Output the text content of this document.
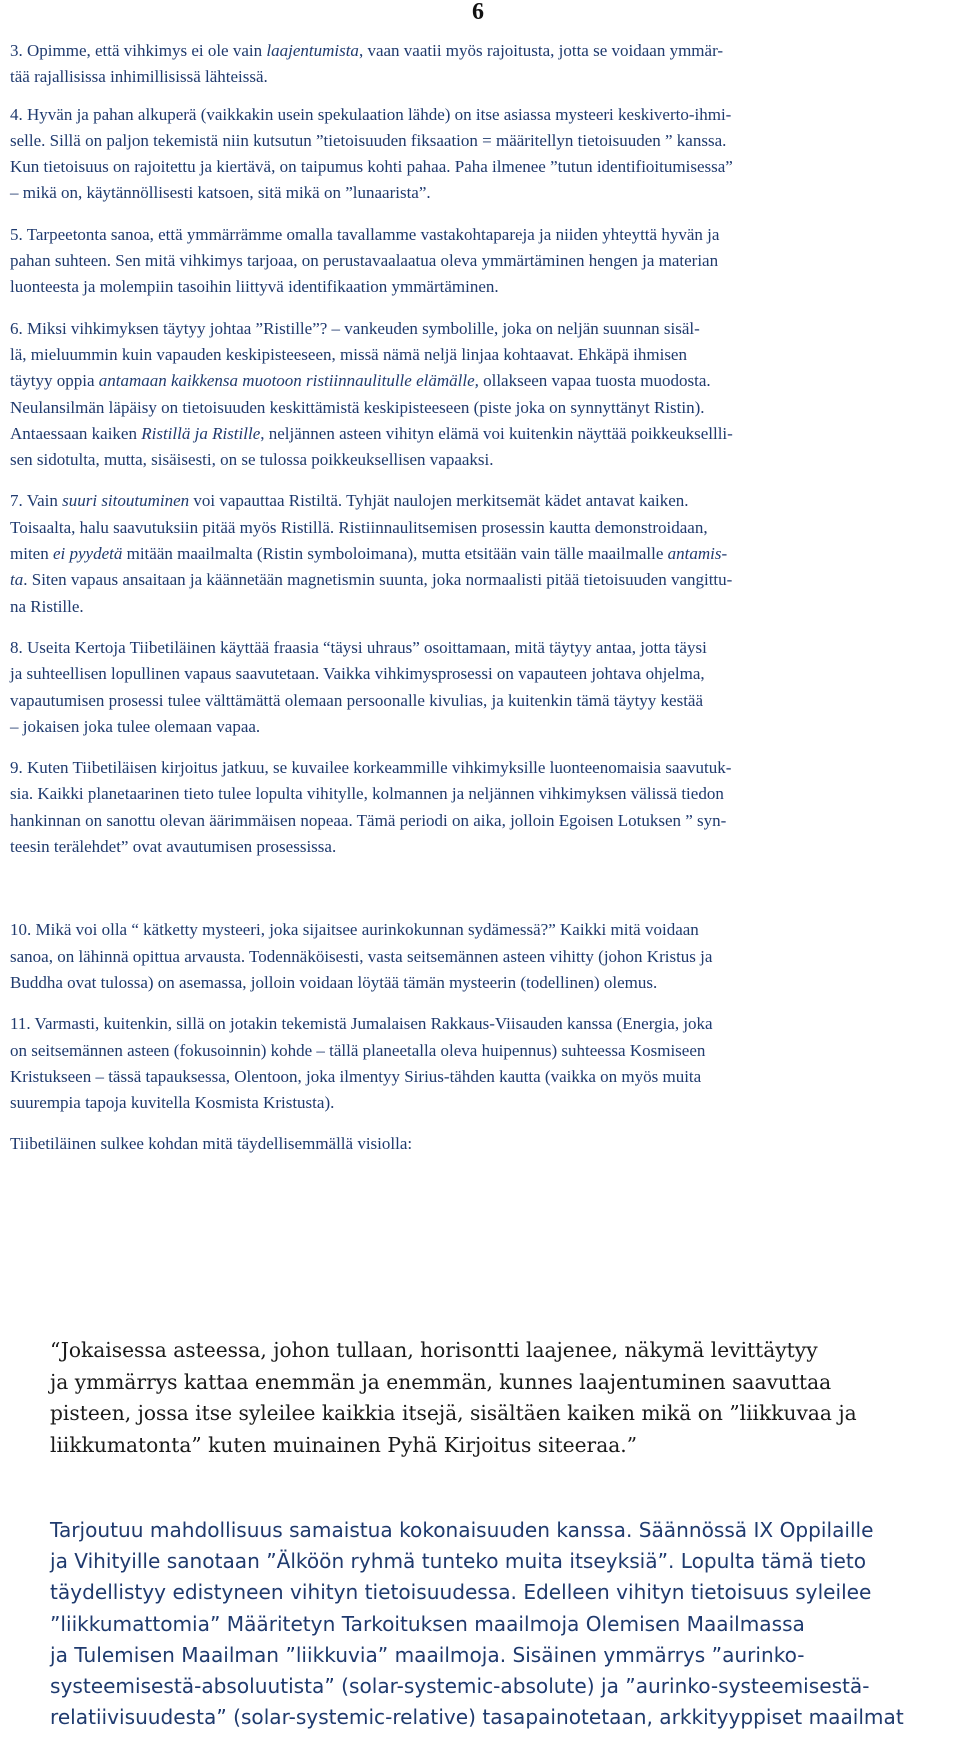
6
3. Opimme, että vihkimys ei ole vain laajentumista, vaan vaatii myös rajoitusta, jotta se voidaan ymmär-
tää rajallisissa inhimillisissä lähteissä.
4. Hyvän ja pahan alkuperä (vaikkakin usein spekulaation lähde) on itse asiassa mysteeri keskiverto-ihmi-
selle. Sillä on paljon tekemistä niin kutsutun ”tietoisuuden fiksaation = määritellyn tietoisuuden ” kanssa.
Kun tietoisuus on rajoitettu ja kiertävä, on taipumus kohti pahaa. Paha ilmenee ”tutun identifioitumisessa”
– mikä on, käytännöllisesti katsoen, sitä mikä on ”lunaarista”.
5. Tarpeetonta sanoa, että ymmärrämme omalla tavallamme vastakohtapareja ja niiden yhteyttä hyvän ja
pahan suhteen. Sen mitä vihkimys tarjoaa, on perustavaalaatua oleva ymmärtäminen hengen ja materian
luonteesta ja molempiin tasoihin liittyvä identifikaation ymmärtäminen.
6. Miksi vihkimyksen täytyy johtaa ”Ristille”? – vankeuden symbolille, joka on neljän suunnan sisäl-
lä, mieluummin kuin vapauden keskipisteeseen, missä nämä neljä linjaa kohtaavat. Ehkäpä ihmisen
täytyy oppia antamaan kaikkensa muotoon ristiinnaulitulle elämälle, ollakseen vapaa tuosta muodosta.
Neulansilmän läpäisy on tietoisuuden keskittämistä keskipisteeseen (piste joka on synnyttänyt Ristin).
Antaessaan kaiken Ristillä ja Ristille, neljännen asteen vihityn elämä voi kuitenkin näyttää poikkeuksellli-
sen sidotulta, mutta, sisäisesti, on se tulossa poikkeuksellisen vapaaksi.
7. Vain suuri sitoutuminen voi vapauttaa Ristiltä. Tyhjät naulojen merkitsemät kädet antavat kaiken.
Toisaalta, halu saavutuksiin pitää myös Ristillä. Ristiinnaulitsemisen prosessin kautta demonstroidaan,
miten ei pyydetä mitään maailmalta (Ristin symboloimana), mutta etsitään vain tälle maailmalle antamis-
ta. Siten vapaus ansaitaan ja käännetään magnetismin suunta, joka normaalisti pitää tietoisuuden vangittu-
na Ristille.
8. Useita Kertoja Tiibetiläinen käyttää fraasia “täysi uhraus” osoittamaan, mitä täytyy antaa, jotta täysi
ja suhteellisen lopullinen vapaus saavutetaan. Vaikka vihkimysprosessi on vapauteen johtava ohjelma,
vapautumisen prosessi tulee välttämättä olemaan persoonalle kivulias, ja kuitenkin tämä täytyy kestää
– jokaisen joka tulee olemaan vapaa.
9. Kuten Tiibetiläisen kirjoitus jatkuu, se kuvailee korkeammille vihkimyksille luonteenomaisia saavutuk-
sia. Kaikki planetaarinen tieto tulee lopulta vihitylle, kolmannen ja neljännen vihkimyksen välissä tiedon
hankinnan on sanottu olevan äärimmäisen nopeaa. Tämä periodi on aika, jolloin Egoisen Lotuksen ” syn-
teesin terälehdet” ovat avautumisen prosessissa.
10. Mikä voi olla “ kätketty mysteeri, joka sijaitsee aurinkokunnan sydämessä?” Kaikki mitä voidaan
sanoa, on lähinnä opittua arvausta. Todennäköisesti, vasta seitsemännen asteen vihitty (johon Kristus ja
Buddha ovat tulossa) on asemassa, jolloin voidaan löytää tämän mysteerin (todellinen) olemus.
11. Varmasti, kuitenkin, sillä on jotakin tekemistä Jumalaisen Rakkaus-Viisauden kanssa (Energia, joka
on seitsemännen asteen (fokusoinnin) kohde – tällä planeetalla oleva huipennus) suhteessa Kosmiseen
Kristukseen – tässä tapauksessa, Olentoon, joka ilmentyy Sirius-tähden kautta (vaikka on myös muita
suurempia tapoja kuvitella Kosmista Kristusta).
Tiibetiläinen sulkee kohdan mitä täydellisemmällä visiolla:
“Jokaisessa asteessa, johon tullaan, horisontti laajenee, näkymä levittäytyy
ja ymmärrys kattaa enemmän ja enemmän, kunnes laajentuminen saavuttaa
pisteen, jossa itse syleilee kaikkia itsejä, sisältäen kaiken mikä on ”liikkuvaa ja
liikkumatonta” kuten muinainen Pyhä Kirjoitus siteeraa.”
Tarjoutuu mahdollisuus samaistua kokonaisuuden kanssa. Säännössä IX Oppilaille
ja Vihityille sanotaan ”Älköön ryhmä tunteko muita itseyksiä”. Lopulta tämä tieto
täydellistyy edistyneen vihityn tietoisuudessa. Edelleen vihityn tietoisuus syleilee
”liikkumattomia” Määritetyn Tarkoituksen maailmoja Olemisen Maailmassa
ja Tulemisen Maailman ”liikkuvia” maailmoja. Sisäinen ymmärrys ”aurinko-
systeemisestä-absoluutista” (solar-systemic-absolute) ja ”aurinko-systeemisestä-
relatiivisuudesta” (solar-systemic-relative) tasapainotetaan, arkkityyppiset maailmat
